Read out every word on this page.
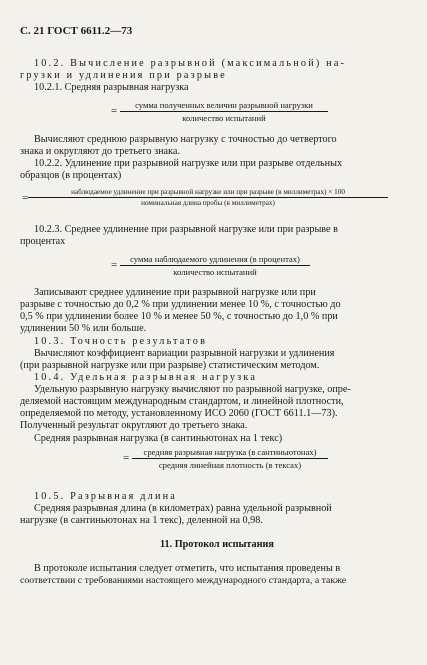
С. 21 ГОСТ 6611.2—73
10.2. Вычисление разрывной (максимальной) на-
грузки и удлинения при разрыве
10.2.1. Средняя разрывная нагрузка
=	сумма полученных величин разрывной нагрузки
количество испытаний
Вычисляют среднюю разрывную нагрузку с точностью до четвертого
знака и округляют до третьего знака.
10.2.2. Удлинение при разрывной нагрузке или при разрыве отдельных
образцов (в процентах)
=	наблюдаемое удлинение при разрывной нагрузке или при разрыве (в миллиметрах) × 100
номинальная длина пробы (в миллиметрах)
10.2.3. Среднее удлинение при разрывной нагрузке или при разрыве в
процентах
=	сумма наблюдаемого удлинения (в процентах)
количество испытаний
Записывают среднее удлинение при разрывной нагрузке или при
разрыве с точностью до 0,2 % при удлинении менее 10 %, с точностью до
0,5 % при удлинении более 10 % и менее 50 %, с точностью до 1,0 % при
удлинении 50 % или больше.
10.3. Точность результатов
Вычисляют коэффициент вариации разрывной нагрузки и удлинения
(при разрывной нагрузке или при разрыве) статистическим методом.
10.4. Удельная разрывная нагрузка
Удельную разрывную нагрузку вычисляют по разрывной нагрузке, опре-
деляемой настоящим международным стандартом, и линейной плотности,
определяемой по методу, установленному ИСО 2060 (ГОСТ 6611.1—73).
Полученный результат округляют до третьего знака.
Средняя разрывная нагрузка (в сантиньютонах на 1 текс)
=	средняя разрывная нагрузка (в сантиньютонах)
средняя линейная плотность (в тексах)
10.5. Разрывная длина
Средняя разрывная длина (в километрах) равна удельной разрывной
нагрузке (в сантиньютонах на 1 текс), деленной на 0,98.
11. Протокол испытания
В протоколе испытания следует отметить, что испытания проведены в
соответствии с требованиями настоящего международного стандарта, а также
